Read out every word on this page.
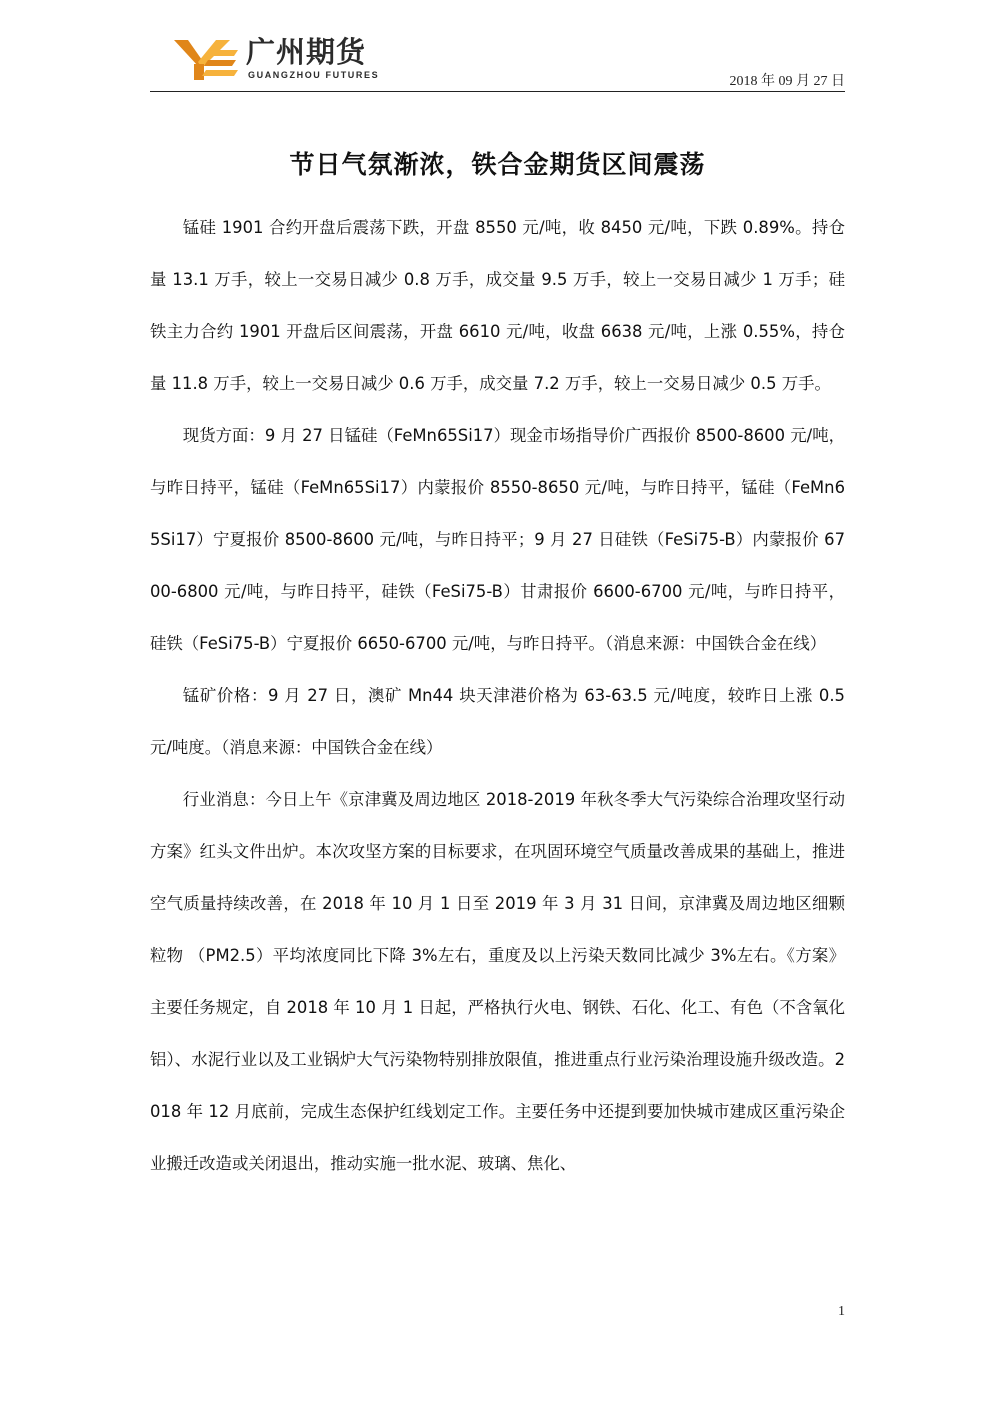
广州期货
GUANGZHOU FUTURES	2018 年 09 月 27 日
节日气氛渐浓，铁合金期货区间震荡

锰硅 1901 合约开盘后震荡下跌，开盘 8550 元/吨，收 8450 元/吨，下跌 0.89%。持仓量 13.1 万手，较上一交易日减少 0.8 万手，成交量 9.5 万手，较上一交易日减少 1 万手；硅铁主力合约 1901 开盘后区间震荡，开盘 6610 元/吨，收盘 6638 元/吨，上涨 0.55%，持仓量 11.8 万手，较上一交易日减少 0.6 万手，成交量 7.2 万手，较上一交易日减少 0.5 万手。

现货方面：9 月 27 日锰硅（FeMn65Si17）现金市场指导价广西报价 8500-8600 元/吨，与昨日持平，锰硅（FeMn65Si17）内蒙报价 8550-8650 元/吨，与昨日持平，锰硅（FeMn65Si17）宁夏报价 8500-8600 元/吨，与昨日持平；9 月 27 日硅铁（FeSi75-B）内蒙报价 6700-6800 元/吨，与昨日持平，硅铁（FeSi75-B）甘肃报价 6600-6700 元/吨，与昨日持平，硅铁（FeSi75-B）宁夏报价 6650-6700 元/吨，与昨日持平。（消息来源：中国铁合金在线）

锰矿价格：9 月 27 日，澳矿 Mn44 块天津港价格为 63-63.5 元/吨度，较昨日上涨 0.5 元/吨度。（消息来源：中国铁合金在线）

行业消息：今日上午《京津冀及周边地区 2018-2019 年秋冬季大气污染综合治理攻坚行动方案》红头文件出炉。本次攻坚方案的目标要求，在巩固环境空气质量改善成果的基础上，推进空气质量持续改善，在 2018 年 10 月 1 日至 2019 年 3 月 31 日间，京津冀及周边地区细颗粒物 （PM2.5）平均浓度同比下降 3%左右，重度及以上污染天数同比减少 3%左右。《方案》主要任务规定，自 2018 年 10 月 1 日起，严格执行火电、钢铁、石化、化工、有色（不含氧化铝）、水泥行业以及工业锅炉大气污染物特别排放限值，推进重点行业污染治理设施升级改造。2018 年 12 月底前，完成生态保护红线划定工作。主要任务中还提到要加快城市建成区重污染企业搬迁改造或关闭退出，推动实施一批水泥、玻璃、焦化、

1
